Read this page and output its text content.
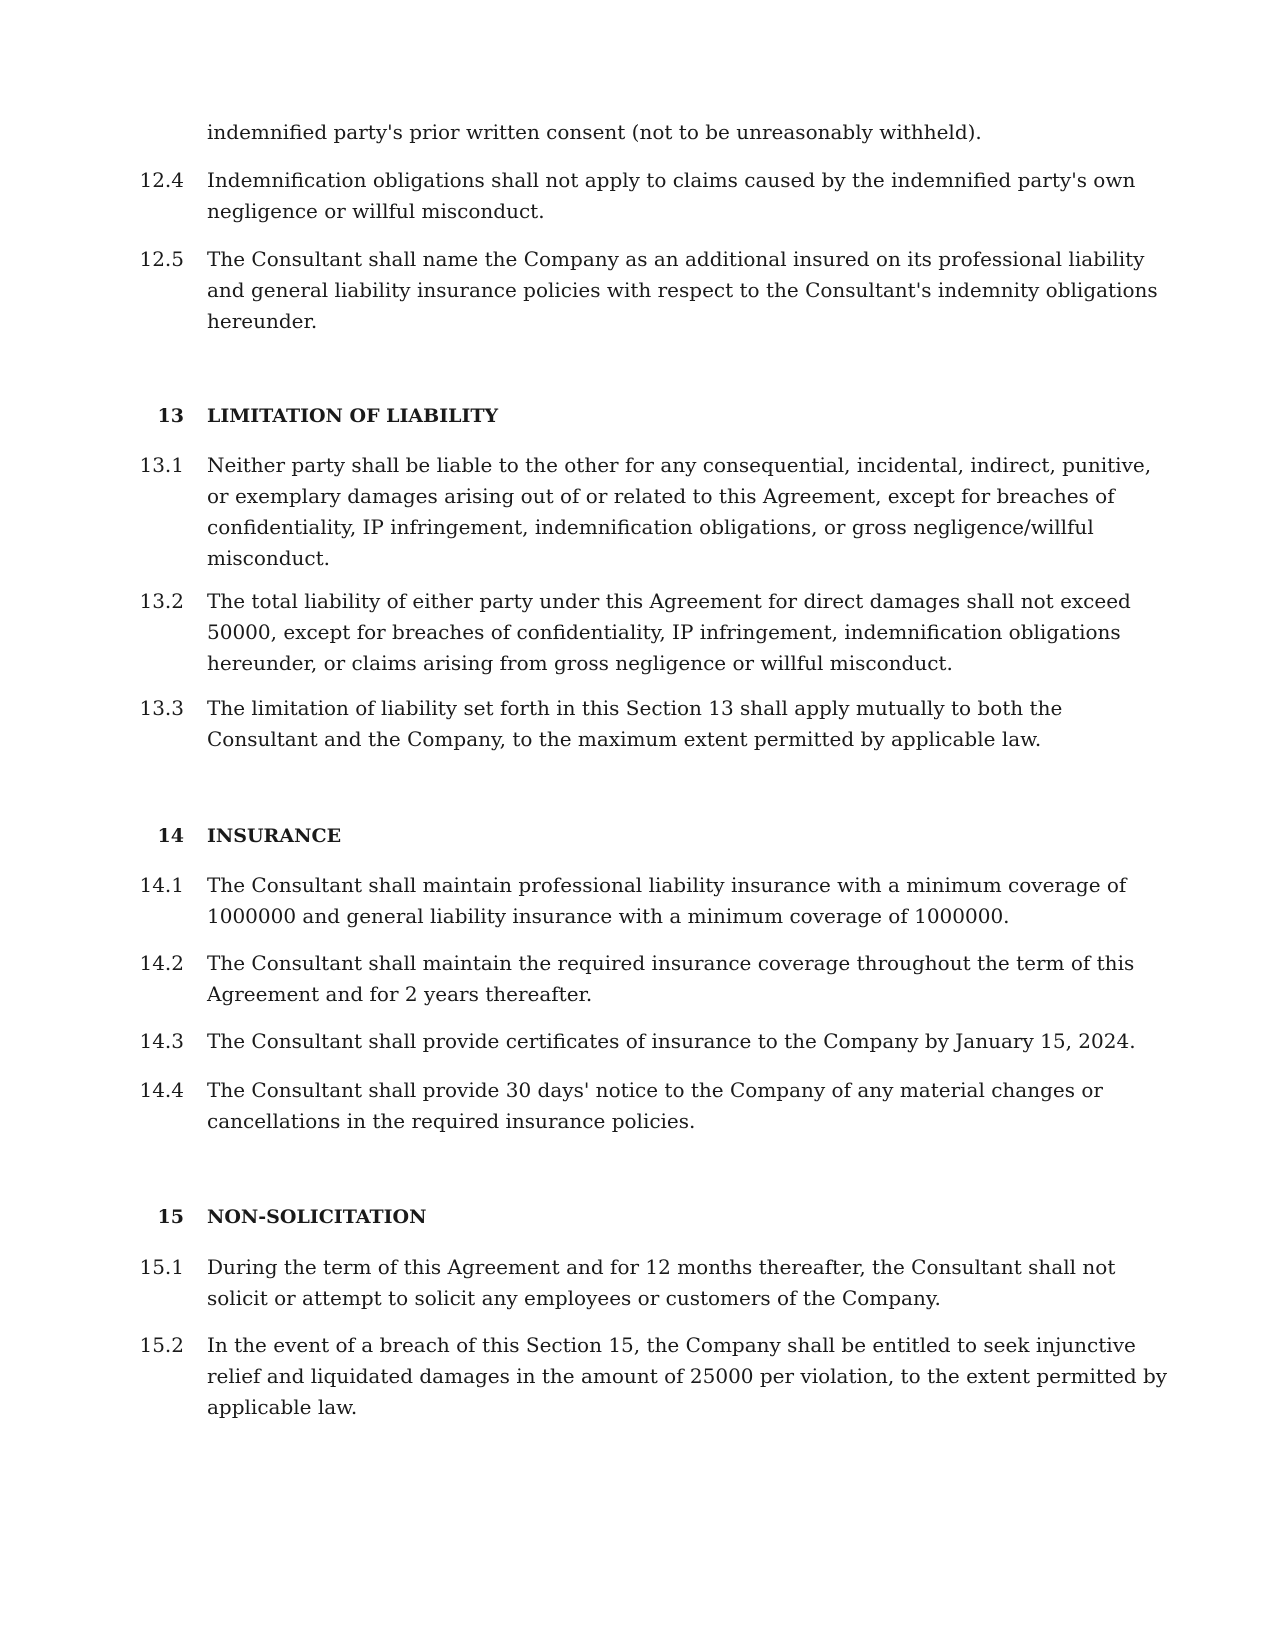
indemnified party's prior written consent (not to be unreasonably withheld).
12.4 Indemnification obligations shall not apply to claims caused by the indemnified party's own
negligence or willful misconduct.
12.5 The Consultant shall name the Company as an additional insured on its professional liability
and general liability insurance policies with respect to the Consultant's indemnity obligations
hereunder.
13 LIMITATION OF LIABILITY
13.1 Neither party shall be liable to the other for any consequential, incidental, indirect, punitive,
or exemplary damages arising out of or related to this Agreement, except for breaches of
confidentiality, IP infringement, indemnification obligations, or gross negligence/willful
misconduct.
13.2 The total liability of either party under this Agreement for direct damages shall not exceed
50000, except for breaches of confidentiality, IP infringement, indemnification obligations
hereunder, or claims arising from gross negligence or willful misconduct.
13.3 The limitation of liability set forth in this Section 13 shall apply mutually to both the
Consultant and the Company, to the maximum extent permitted by applicable law.
14 INSURANCE
14.1 The Consultant shall maintain professional liability insurance with a minimum coverage of
1000000 and general liability insurance with a minimum coverage of 1000000.
14.2 The Consultant shall maintain the required insurance coverage throughout the term of this
Agreement and for 2 years thereafter.
14.3 The Consultant shall provide certificates of insurance to the Company by January 15, 2024.
14.4 The Consultant shall provide 30 days' notice to the Company of any material changes or
cancellations in the required insurance policies.
15 NON-SOLICITATION
15.1 During the term of this Agreement and for 12 months thereafter, the Consultant shall not
solicit or attempt to solicit any employees or customers of the Company.
15.2 In the event of a breach of this Section 15, the Company shall be entitled to seek injunctive
relief and liquidated damages in the amount of 25000 per violation, to the extent permitted by
applicable law.
